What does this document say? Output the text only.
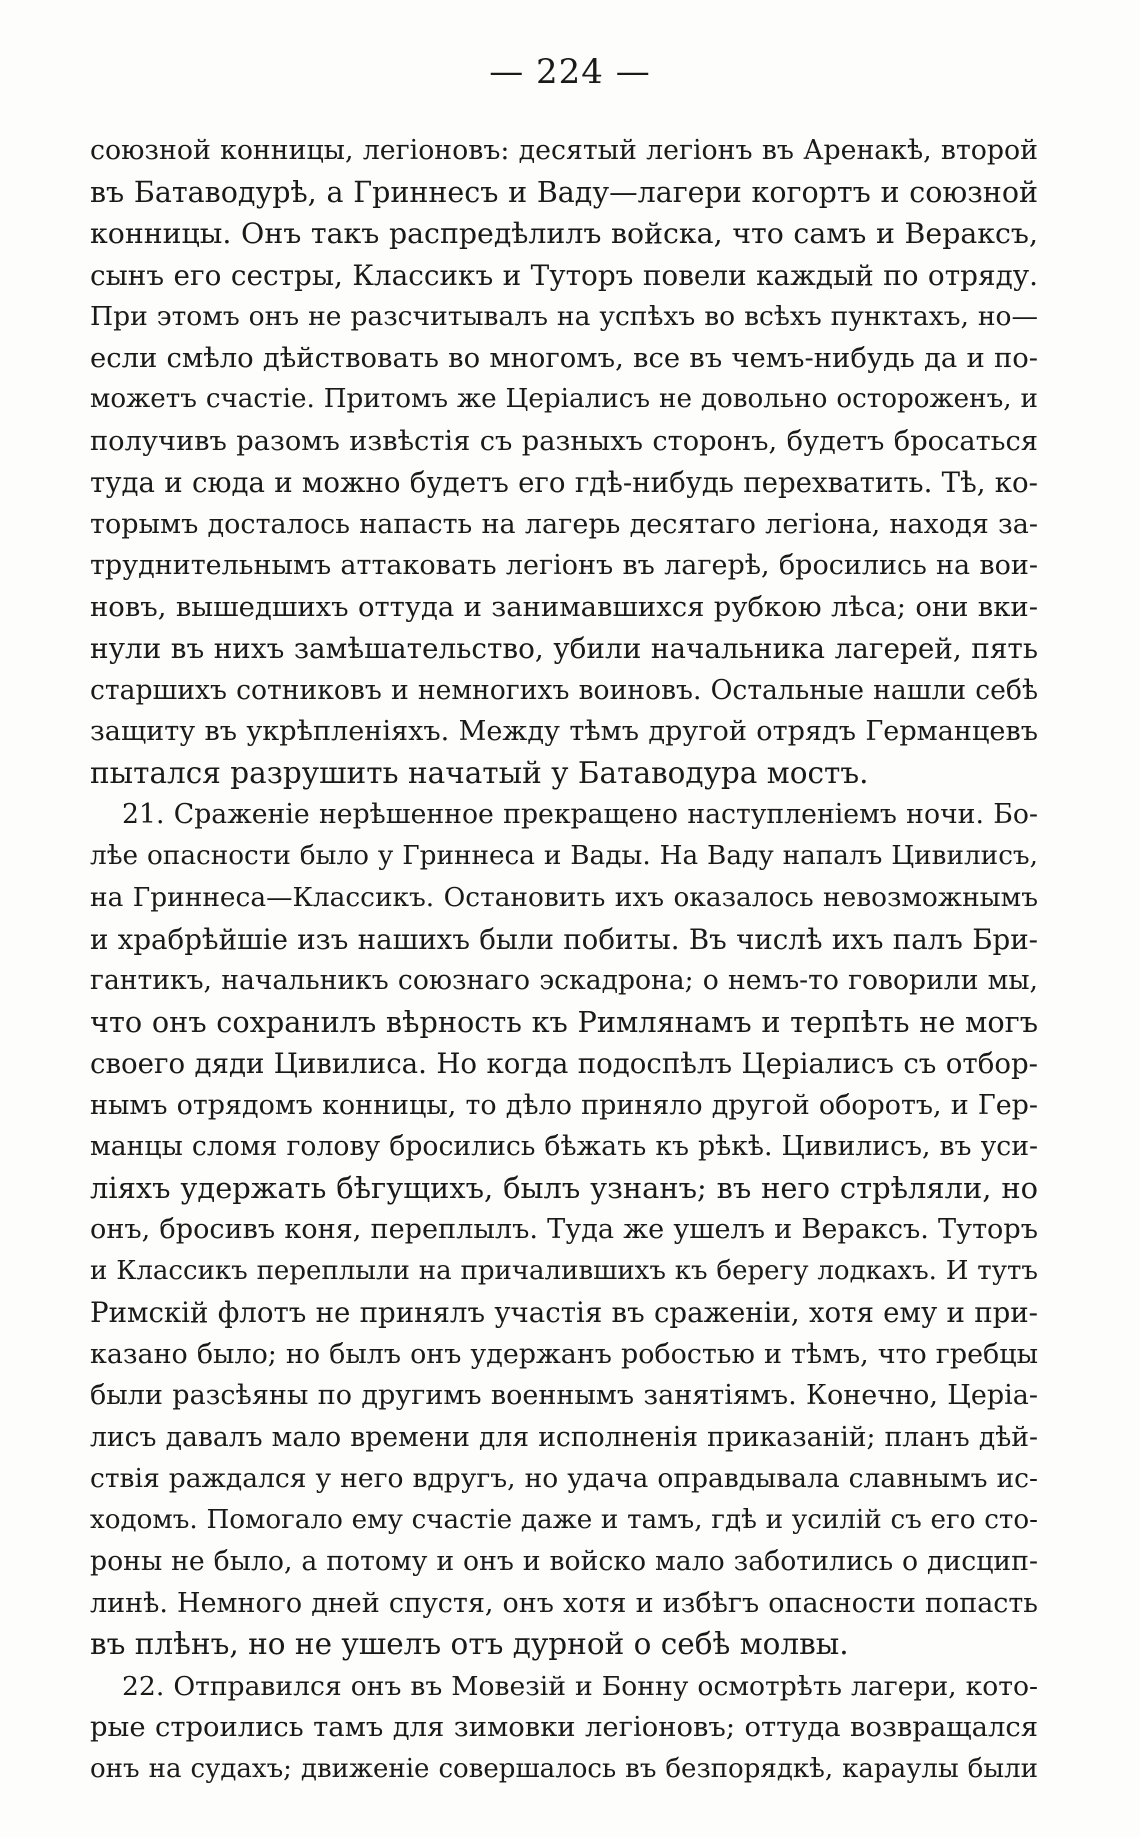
— 224 —
союзной конницы, легіоновъ: десятый легіонъ въ Аренакѣ, второй
въ Батаводурѣ, а Гриннесъ и Ваду—лагери когортъ и союзной
конницы. Онъ такъ распредѣлилъ войска, что самъ и Вераксъ,
сынъ его сестры, Классикъ и Туторъ повели каждый по отряду.
При этомъ онъ не разсчитывалъ на успѣхъ во всѣхъ пунктахъ, но—
если смѣло дѣйствовать во многомъ, все въ чемъ-нибудь да и по-
можетъ счастіе. Притомъ же Церіалисъ не довольно остороженъ, и
получивъ разомъ извѣстія съ разныхъ сторонъ, будетъ бросаться
туда и сюда и можно будетъ его гдѣ-нибудь перехватить. Тѣ, ко-
торымъ досталось напасть на лагерь десятаго легіона, находя за-
труднительнымъ аттаковать легіонъ въ лагерѣ, бросились на вои-
новъ, вышедшихъ оттуда и занимавшихся рубкою лѣса; они вки-
нули въ нихъ замѣшательство, убили начальника лагерей, пять
старшихъ сотниковъ и немногихъ воиновъ. Остальные нашли себѣ
защиту въ укрѣпленіяхъ. Между тѣмъ другой отрядъ Германцевъ
пытался разрушить начатый у Батаводура мостъ.
21. Сраженіе нерѣшенное прекращено наступленіемъ ночи. Бо-
лѣе опасности было у Гриннеса и Вады. На Ваду напалъ Цивилисъ,
на Гриннеса—Классикъ. Остановить ихъ оказалось невозможнымъ
и храбрѣйшіе изъ нашихъ были побиты. Въ числѣ ихъ палъ Бри-
гантикъ, начальникъ союзнаго эскадрона; о немъ-то говорили мы,
что онъ сохранилъ вѣрность къ Римлянамъ и терпѣть не могъ
своего дяди Цивилиса. Но когда подоспѣлъ Церіалисъ съ отбор-
нымъ отрядомъ конницы, то дѣло приняло другой оборотъ, и Гер-
манцы сломя голову бросились бѣжать къ рѣкѣ. Цивилисъ, въ уси-
ліяхъ удержать бѣгущихъ, былъ узнанъ; въ него стрѣляли, но
онъ, бросивъ коня, переплылъ. Туда же ушелъ и Вераксъ. Туторъ
и Классикъ переплыли на причалившихъ къ берегу лодкахъ. И тутъ
Римскій флотъ не принялъ участія въ сраженіи, хотя ему и при-
казано было; но былъ онъ удержанъ робостью и тѣмъ, что гребцы
были разсѣяны по другимъ военнымъ занятіямъ. Конечно, Церіа-
лисъ давалъ мало времени для исполненія приказаній; планъ дѣй-
ствія раждался у него вдругъ, но удача оправдывала славнымъ ис-
ходомъ. Помогало ему счастіе даже и тамъ, гдѣ и усилій съ его сто-
роны не было, а потому и онъ и войско мало заботились о дисцип-
линѣ. Немного дней спустя, онъ хотя и избѣгъ опасности попасть
въ плѣнъ, но не ушелъ отъ дурной о себѣ молвы.
22. Отправился онъ въ Мовезій и Бонну осмотрѣть лагери, кото-
рые строились тамъ для зимовки легіоновъ; оттуда возвращался
онъ на судахъ; движеніе совершалось въ безпорядкѣ, караулы были
